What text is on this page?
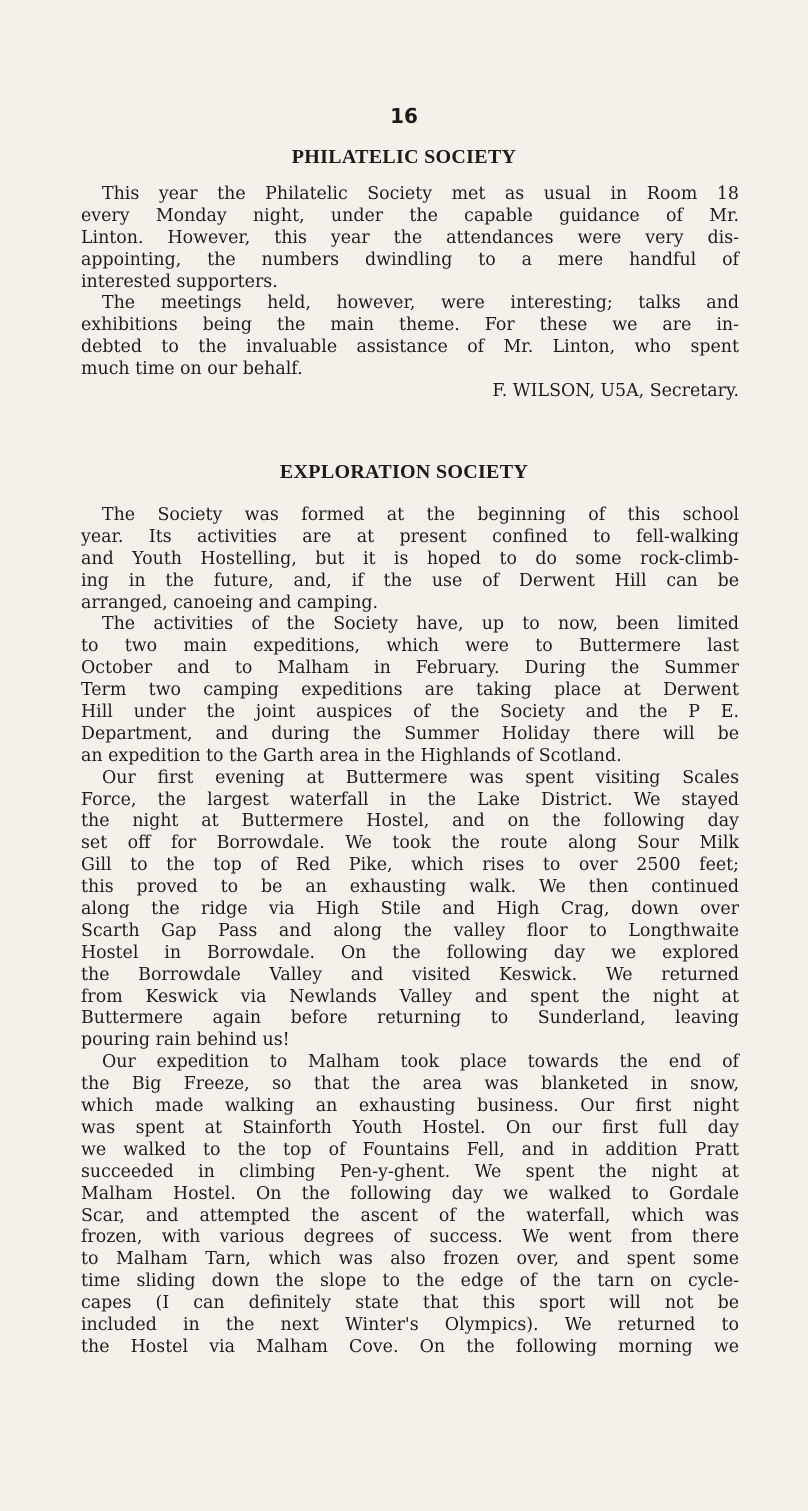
16
PHILATELIC SOCIETY
This year the Philatelic Society met as usual in Room 18
every Monday night, under the capable guidance of Mr.
Linton. However, this year the attendances were very dis-
appointing, the numbers dwindling to a mere handful of
interested supporters.
The meetings held, however, were interesting; talks and
exhibitions being the main theme. For these we are in-
debted to the invaluable assistance of Mr. Linton, who spent
much time on our behalf.
F. WILSON, U5A, Secretary.
EXPLORATION SOCIETY
The Society was formed at the beginning of this school
year. Its activities are at present confined to fell-walking
and Youth Hostelling, but it is hoped to do some rock-climb-
ing in the future, and, if the use of Derwent Hill can be
arranged, canoeing and camping.
The activities of the Society have, up to now, been limited
to two main expeditions, which were to Buttermere last
October and to Malham in February. During the Summer
Term two camping expeditions are taking place at Derwent
Hill under the joint auspices of the Society and the P E.
Department, and during the Summer Holiday there will be
an expedition to the Garth area in the Highlands of Scotland.
Our first evening at Buttermere was spent visiting Scales
Force, the largest waterfall in the Lake District. We stayed
the night at Buttermere Hostel, and on the following day
set off for Borrowdale. We took the route along Sour Milk
Gill to the top of Red Pike, which rises to over 2500 feet;
this proved to be an exhausting walk. We then continued
along the ridge via High Stile and High Crag, down over
Scarth Gap Pass and along the valley floor to Longthwaite
Hostel in Borrowdale. On the following day we explored
the Borrowdale Valley and visited Keswick. We returned
from Keswick via Newlands Valley and spent the night at
Buttermere again before returning to Sunderland, leaving
pouring rain behind us!
Our expedition to Malham took place towards the end of
the Big Freeze, so that the area was blanketed in snow,
which made walking an exhausting business. Our first night
was spent at Stainforth Youth Hostel. On our first full day
we walked to the top of Fountains Fell, and in addition Pratt
succeeded in climbing Pen-y-ghent. We spent the night at
Malham Hostel. On the following day we walked to Gordale
Scar, and attempted the ascent of the waterfall, which was
frozen, with various degrees of success. We went from there
to Malham Tarn, which was also frozen over, and spent some
time sliding down the slope to the edge of the tarn on cycle-
capes (I can definitely state that this sport will not be
included in the next Winter's Olympics). We returned to
the Hostel via Malham Cove. On the following morning we
